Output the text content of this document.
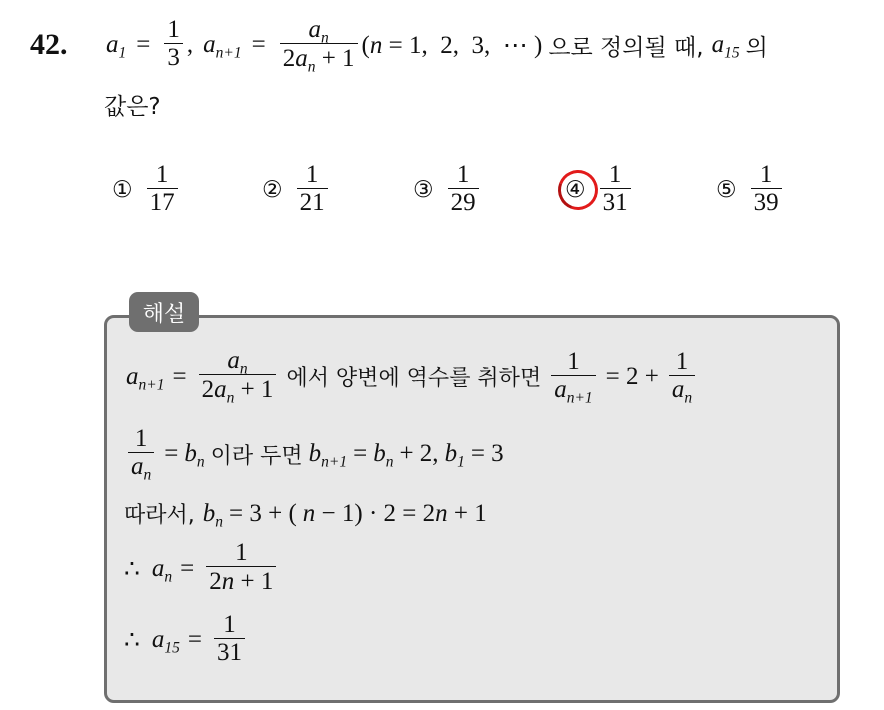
42. $a_1 = \frac{1}{3}$ , $a_{n+1} = \frac{a_n}{2a_n + 1} (n = 1$,  2,  3,  ⋯ ) 으로 정의될 때, $a_{15}$ 의
값은?
① $\frac{1}{17}$	② $\frac{1}{21}$	③ $\frac{1}{29}$	④ $\frac{1}{31}$	⑤ $\frac{1}{39}$
해설
$a_{n+1} = \frac{a_n}{2a_n + 1}$ 에서 양변에 역수를 취하면 $\frac{1}{a_{n+1}} = 2 + \frac{1}{a_n}$
$\frac{1}{a_n} = b_n$ 이라 두면 $b_{n+1} = b_n + 2$, $b_1 = 3$
따라서, $b_n = 3$ + ( n − 1) · 2 = 2 n + 1
∴ $a_n = \frac{1}{2n + 1}$
∴ $a_{15} = \frac{1}{31}$
